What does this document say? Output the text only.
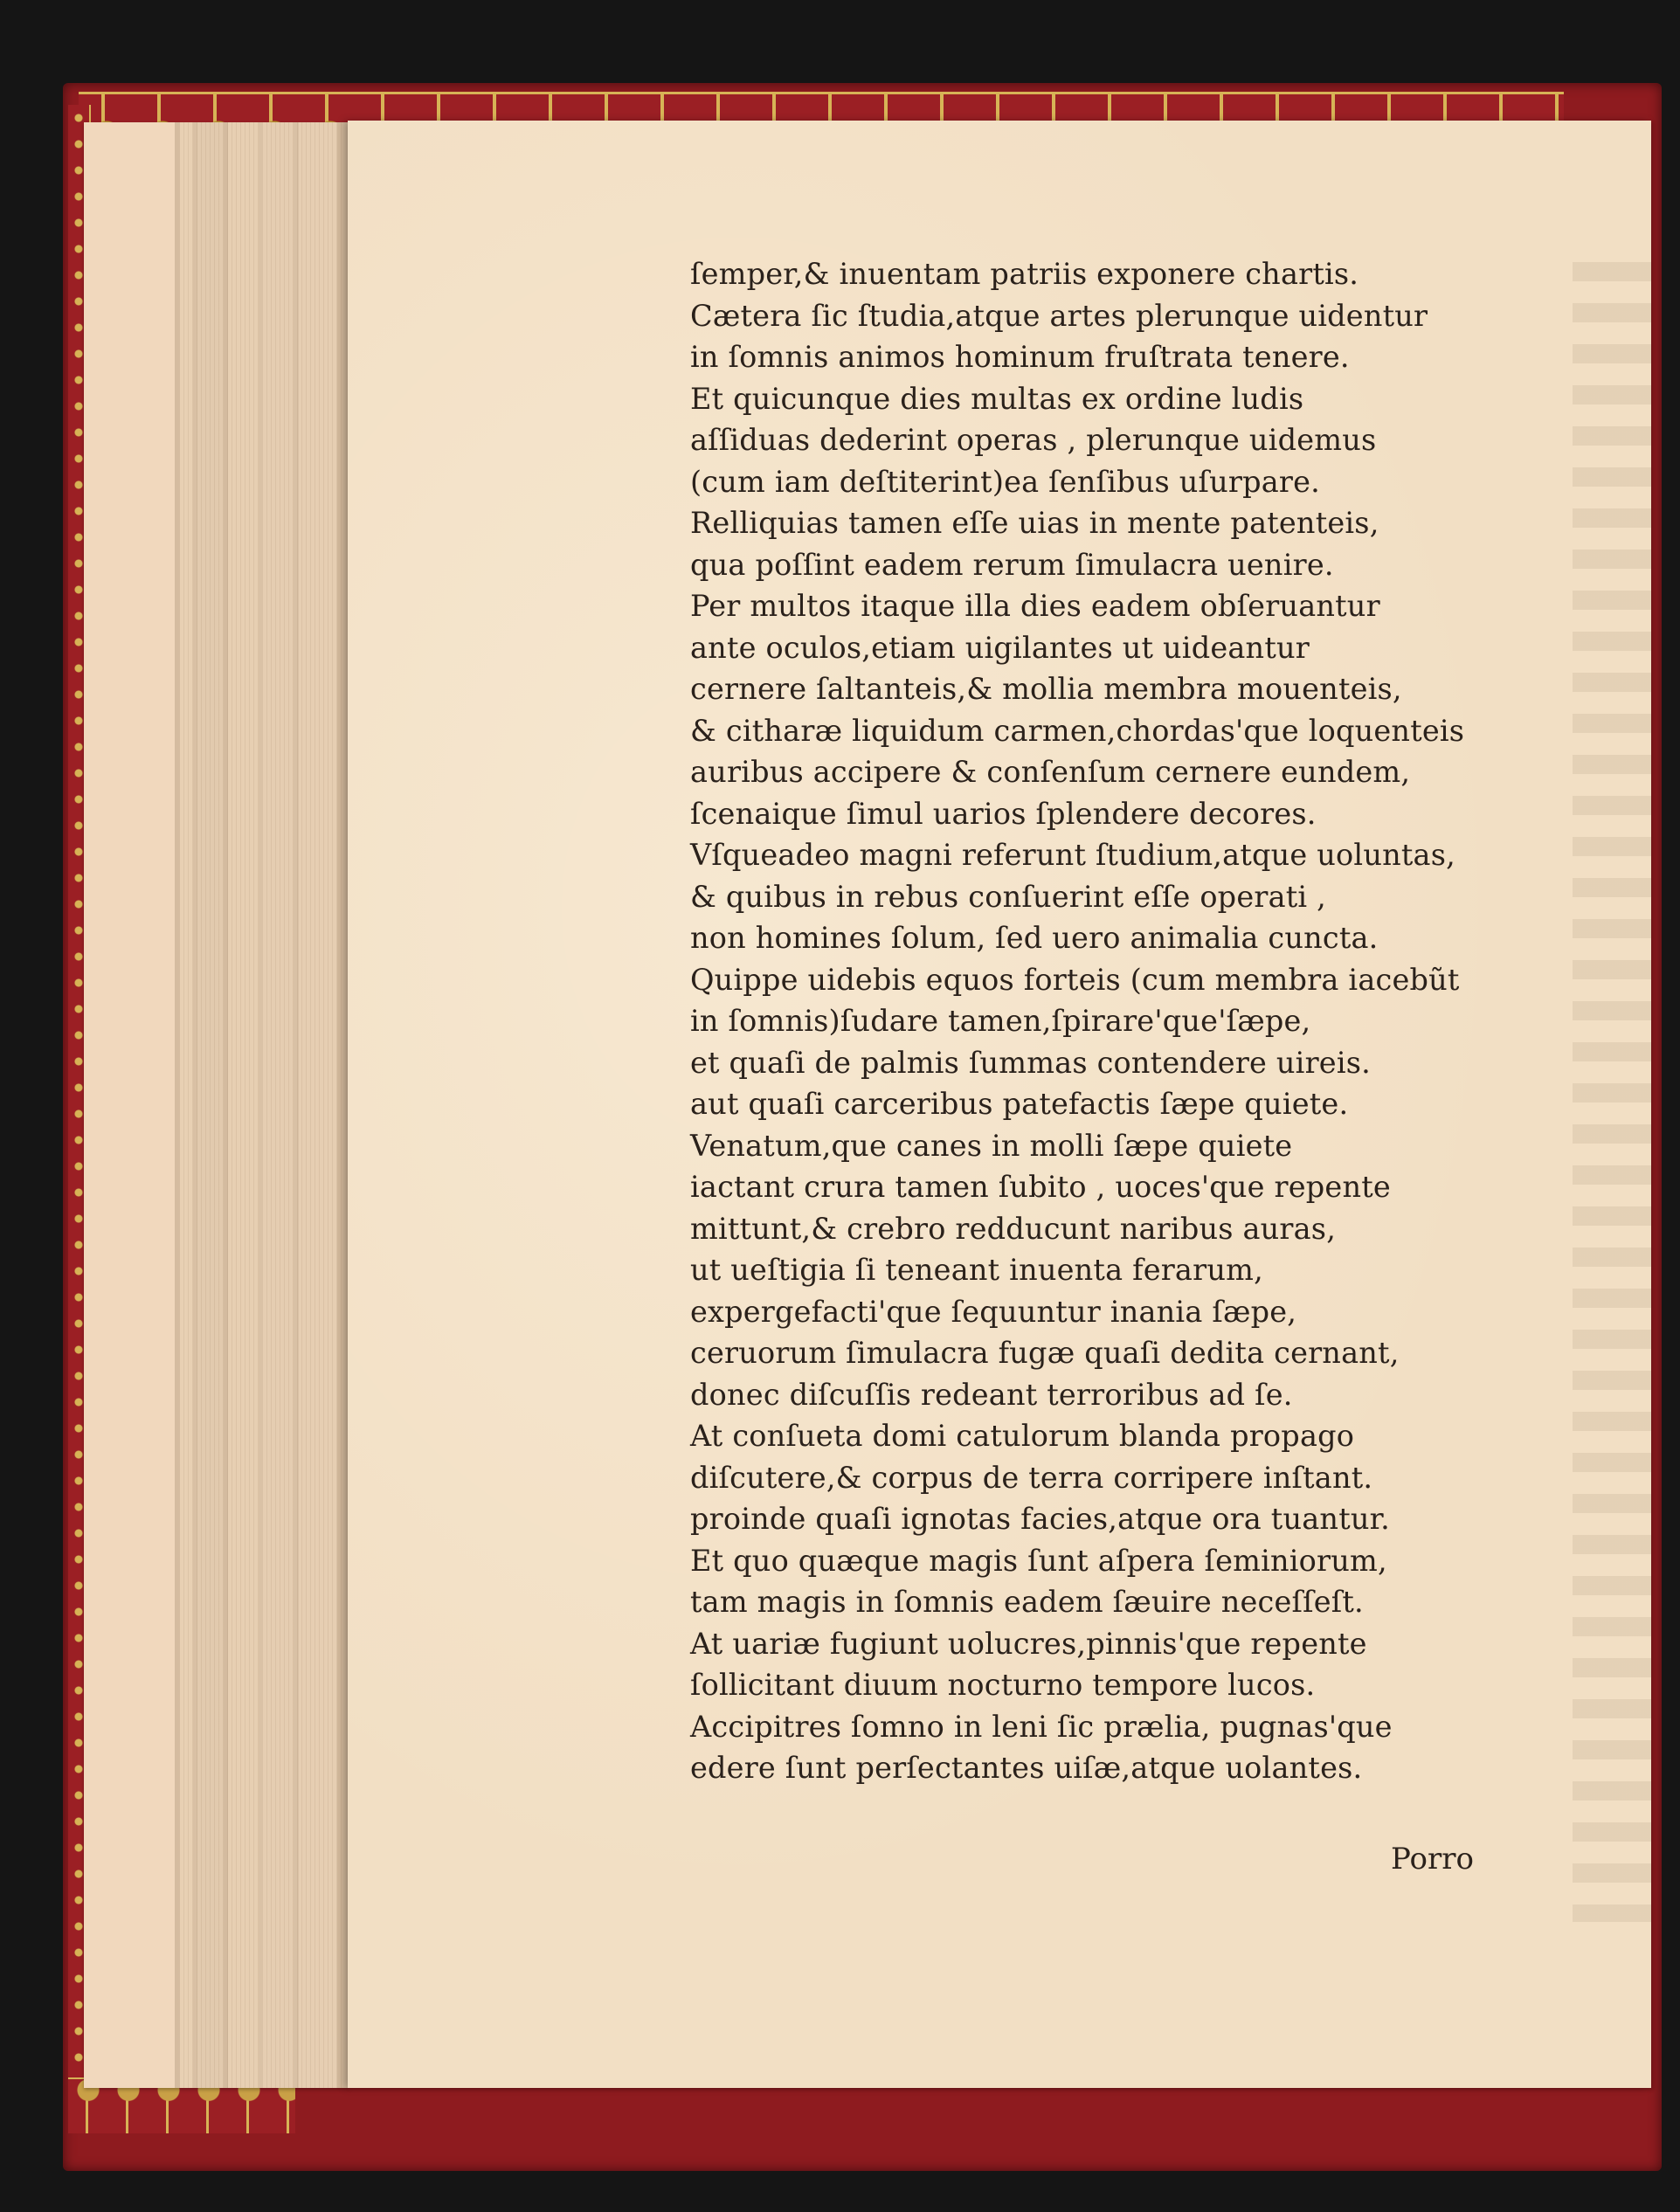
ſemper,& inuentam patriis exponere chartis.
Cætera ſic ſtudia,atque artes plerunque uidentur
in ſomnis animos hominum fruſtrata tenere.
Et quicunque dies multas ex ordine ludis
aſſiduas dederint operas , plerunque uidemus
(cum iam deſtiterint)ea ſenſibus uſurpare.
Relliquias tamen eſſe uias in mente patenteis,
qua poſſint eadem rerum ſimulacra uenire.
Per multos itaque illa dies eadem obſeruantur
ante oculos,etiam uigilantes ut uideantur
cernere ſaltanteis,& mollia membra mouenteis,
& citharæ liquidum carmen,chordas'que loquenteis
auribus accipere & conſenſum cernere eundem,
ſcenaique ſimul uarios ſplendere decores.
Vſqueadeo magni referunt ſtudium,atque uoluntas,
& quibus in rebus conſuerint eſſe operati ,
non homines ſolum, ſed uero animalia cuncta.
Quippe uidebis equos forteis (cum membra iacebũt
in ſomnis)ſudare tamen,ſpirare'que'ſæpe,
et quaſi de palmis ſummas contendere uireis.
aut quaſi carceribus patefactis ſæpe quiete.
Venatum,que canes in molli ſæpe quiete
iactant crura tamen ſubito , uoces'que repente
mittunt,& crebro redducunt naribus auras,
ut ueſtigia ſi teneant inuenta ferarum,
expergefacti'que ſequuntur inania ſæpe,
ceruorum ſimulacra fugæ quaſi dedita cernant,
donec diſcuſſis redeant terroribus ad ſe.
At conſueta domi catulorum blanda propago
diſcutere,& corpus de terra corripere inſtant.
proinde quaſi ignotas facies,atque ora tuantur.
Et quo quæque magis ſunt aſpera ſeminiorum,
tam magis in ſomnis eadem ſæuire neceſſeſt.
At uariæ fugiunt uolucres,pinnis'que repente
ſollicitant diuum nocturno tempore lucos.
Accipitres ſomno in leni ſic prælia, pugnas'que
edere ſunt perſectantes uiſæ,atque uolantes.
Porro
